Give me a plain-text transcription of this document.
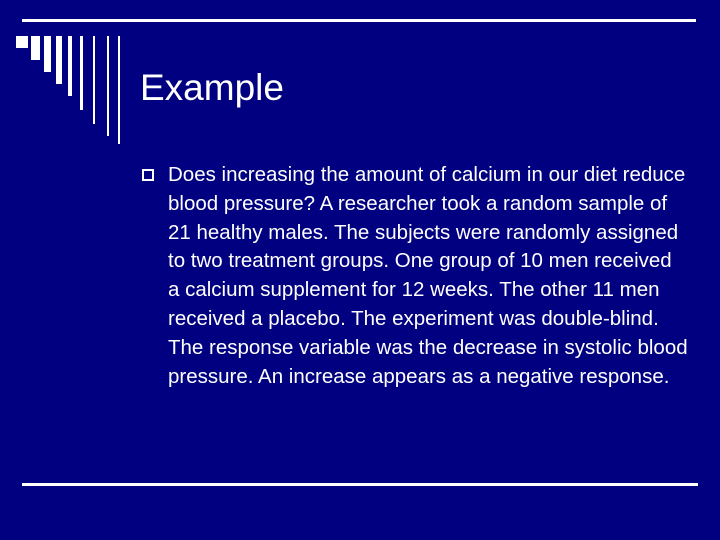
Example

Does increasing the amount of calcium in our diet reduce blood pressure? A researcher took a random sample of 21 healthy males. The subjects were randomly assigned to two treatment groups. One group of 10 men received a calcium supplement for 12 weeks. The other 11 men received a placebo. The experiment was double-blind. The response variable was the decrease in systolic blood pressure. An increase appears as a negative response.
